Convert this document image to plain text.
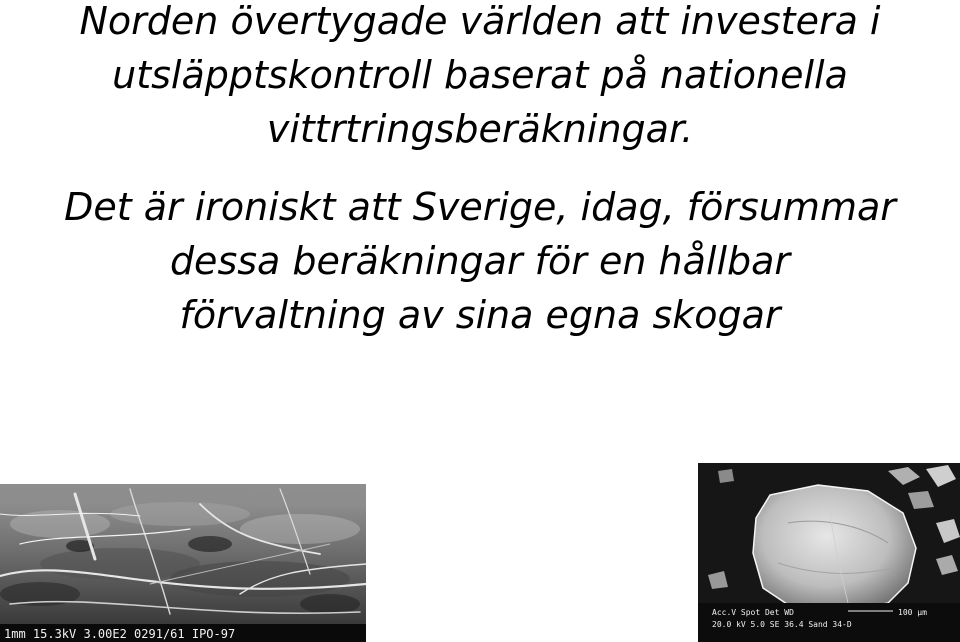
Norden övertygade världen att investera i
utsläpptskontroll baserat på nationella
vittrtringsberäkningar.
Det är ironiskt att Sverige, idag, försummar
dessa beräkningar för en hållbar
förvaltning av sina egna skogar
1mm 15.3kV 3.00E2 0291/61 IPO-97
Acc.V Spot Det WD
20.0 kV 5.0 SE 36.4 Sand 34-D
100 µm
